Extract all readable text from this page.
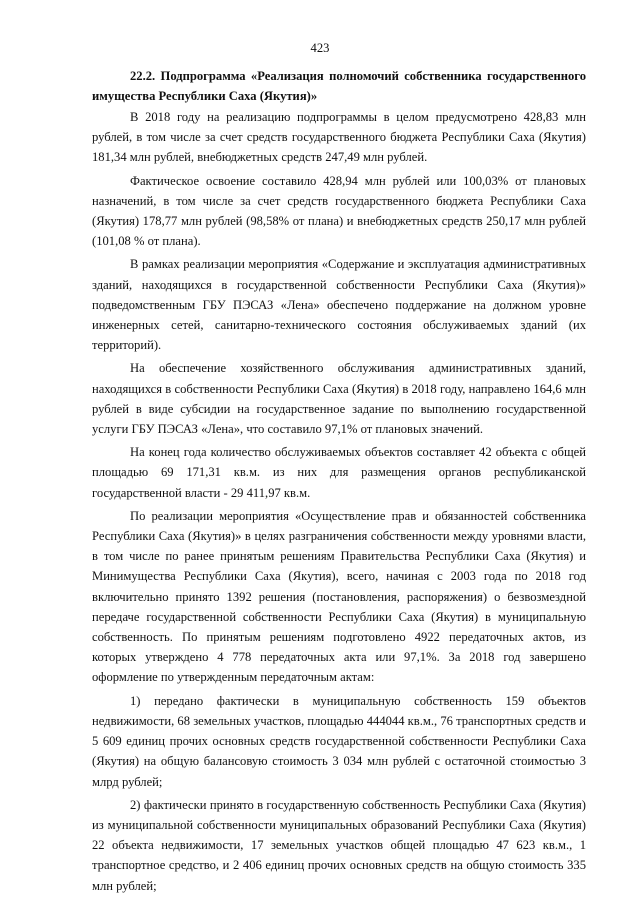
423
22.2. Подпрограмма «Реализация полномочий собственника государственного имущества Республики Саха (Якутия)»

В 2018 году на реализацию подпрограммы в целом предусмотрено 428,83 млн рублей, в том числе за счет средств государственного бюджета Республики Саха (Якутия) 181,34 млн рублей, внебюджетных средств 247,49 млн рублей.

Фактическое освоение составило 428,94 млн рублей или 100,03% от плановых назначений, в том числе за счет средств государственного бюджета Республики Саха (Якутия) 178,77 млн рублей (98,58% от плана) и внебюджетных средств 250,17 млн рублей (101,08 % от плана).

В рамках реализации мероприятия «Содержание и эксплуатация административных зданий, находящихся в государственной собственности Республики Саха (Якутия)» подведомственным ГБУ ПЭСАЗ «Лена» обеспечено поддержание на должном уровне инженерных сетей, санитарно-технического состояния обслуживаемых зданий (их территорий).

На обеспечение хозяйственного обслуживания административных зданий, находящихся в собственности Республики Саха (Якутия) в 2018 году, направлено 164,6 млн рублей в виде субсидии на государственное задание по выполнению государственной услуги ГБУ ПЭСАЗ «Лена», что составило 97,1% от плановых значений.

На конец года количество обслуживаемых объектов составляет 42 объекта с общей площадью 69 171,31 кв.м. из них для размещения органов республиканской государственной власти - 29 411,97 кв.м.

По реализации мероприятия «Осуществление прав и обязанностей собственника Республики Саха (Якутия)» в целях разграничения собственности между уровнями власти, в том числе по ранее принятым решениям Правительства Республики Саха (Якутия) и Минимущества Республики Саха (Якутия), всего, начиная с 2003 года по 2018 год включительно принято 1392 решения (постановления, распоряжения) о безвозмездной передаче государственной собственности Республики Саха (Якутия) в муниципальную собственность. По принятым решениям подготовлено 4922 передаточных актов, из которых утверждено 4 778 передаточных акта или 97,1%. За 2018 год завершено оформление по утвержденным передаточным актам:

1) передано фактически в муниципальную собственность 159 объектов недвижимости, 68 земельных участков, площадью 444044 кв.м., 76 транспортных средств и 5 609 единиц прочих основных средств государственной собственности Республики Саха (Якутия) на общую балансовую стоимость 3 034 млн рублей с остаточной стоимостью 3 млрд рублей;

2) фактически принято в государственную собственность Республики Саха (Якутия) из муниципальной собственности муниципальных образований Республики Саха (Якутия) 22 объекта недвижимости, 17 земельных участков общей площадью 47 623 кв.м., 1 транспортное средство, и 2 406 единиц прочих основных средств на общую стоимость 335 млн рублей;
